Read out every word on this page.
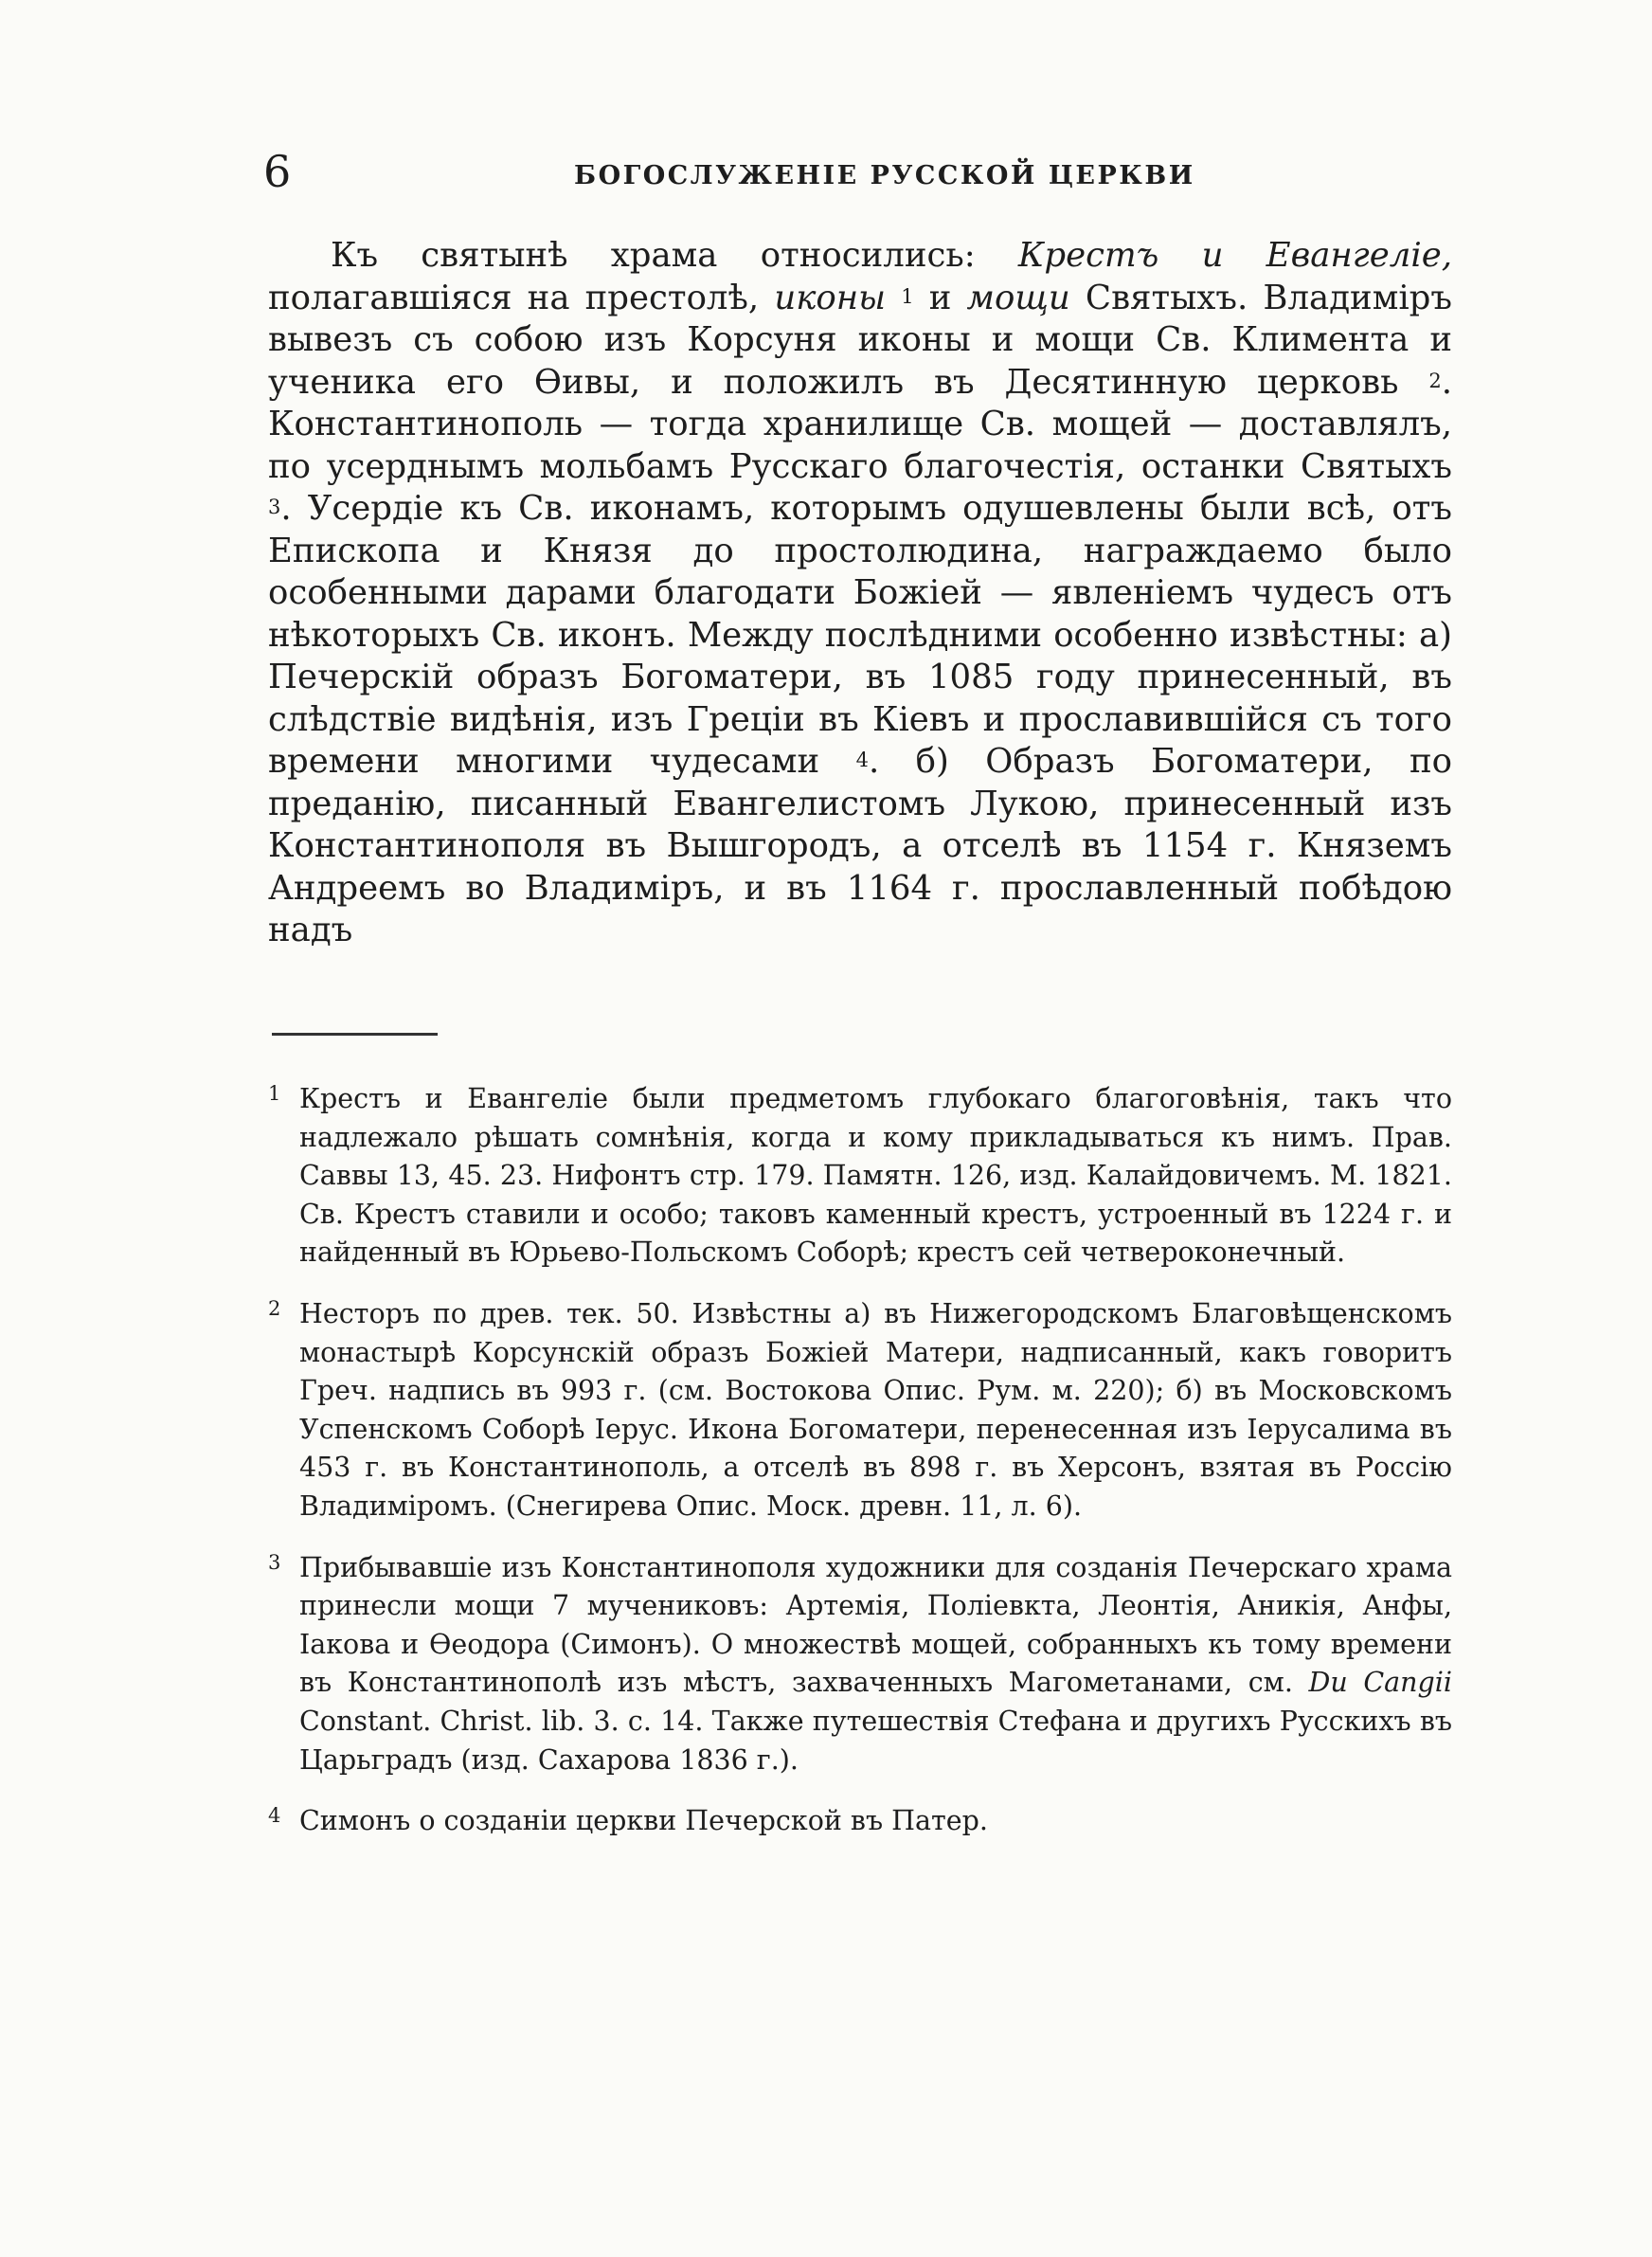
6	БОГОСЛУЖЕНІЕ РУССКОЙ ЦЕРКВИ

Къ святынѣ храма относились: Крестъ и Евангеліе, полагавшіяся на престолѣ, иконы $^1$ и мощи Святыхъ. Владиміръ вывезъ съ собою изъ Корсуня иконы и мощи Св. Климента и ученика его Ѳивы, и положилъ въ Десятинную церковь $^2$. Константинополь — тогда хранилище Св. мощей — доставлялъ, по усерднымъ мольбамъ Русскаго благочестія, останки Святыхъ $^3$. Усердіе къ Св. иконамъ, которымъ одушевлены были всѣ, отъ Епископа и Князя до простолюдина, награждаемо было особенными дарами благодати Божіей — явленіемъ чудесъ отъ нѣкоторыхъ Св. иконъ. Между послѣдними особенно извѣстны: а) Печерскій образъ Богоматери, въ 1085 году принесенный, въ слѣдствіе видѣнія, изъ Греціи въ Кіевъ и прославившійся съ того времени многими чудесами $^4$. б) Образъ Богоматери, по преданію, писанный Евангелистомъ Лукою, принесенный изъ Константинополя въ Вышгородъ, а отселѣ въ 1154 г. Княземъ Андреемъ во Владиміръ, и въ 1164 г. прославленный побѣдою надъ

1 Крестъ и Евангеліе были предметомъ глубокаго благоговѣнія, такъ что надлежало рѣшать сомнѣнія, когда и кому прикладываться къ нимъ. Прав. Саввы 13, 45. 23. Нифонтъ стр. 179. Памятн. 126, изд. Калайдовичемъ. М. 1821. Св. Крестъ ставили и особо; таковъ каменный крестъ, устроенный въ 1224 г. и найденный въ Юрьево-Польскомъ Соборѣ; крестъ сей четвероконечный.
2 Несторъ по древ. тек. 50. Извѣстны а) въ Нижегородскомъ Благовѣщенскомъ монастырѣ Корсунскій образъ Божіей Матери, надписанный, какъ говоритъ Греч. надпись въ 993 г. (см. Востокова Опис. Рум. м. 220); б) въ Московскомъ Успенскомъ Соборѣ Іерус. Икона Богоматери, перенесенная изъ Іерусалима въ 453 г. въ Константинополь, а отселѣ въ 898 г. въ Херсонъ, взятая въ Россію Владиміромъ. (Снегирева Опис. Моск. древн. 11, л. 6).
3 Прибывавшіе изъ Константинополя художники для созданія Печерскаго храма принесли мощи 7 мучениковъ: Артемія, Поліевкта, Леонтія, Аникія, Анфы, Іакова и Ѳеодора (Симонъ). О множествѣ мощей, собранныхъ къ тому времени въ Константинополѣ изъ мѣстъ, захваченныхъ Магометанами, см. Du Cangii Constant. Christ. lib. 3. c. 14. Также путешествія Стефана и другихъ Русскихъ въ Царьградъ (изд. Сахарова 1836 г.).
4 Симонъ о созданіи церкви Печерской въ Патер.
